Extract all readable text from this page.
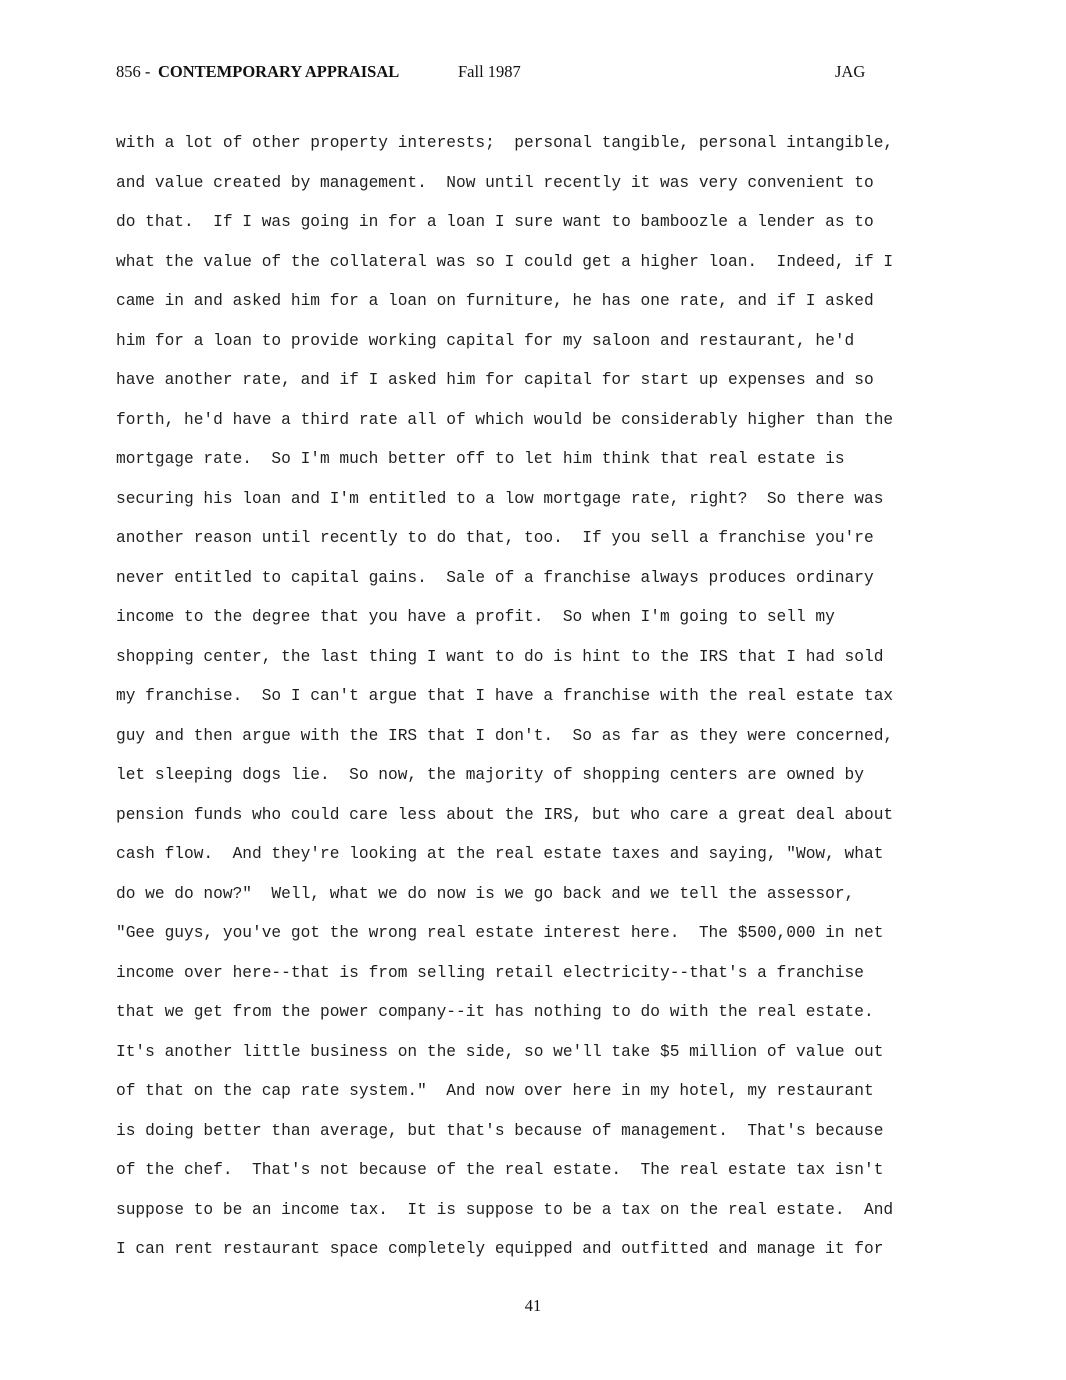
856 - CONTEMPORARY APPRAISAL	Fall 1987	JAG
with a lot of other property interests;  personal tangible, personal intangible,
and value created by management.  Now until recently it was very convenient to
do that.  If I was going in for a loan I sure want to bamboozle a lender as to
what the value of the collateral was so I could get a higher loan.  Indeed, if I
came in and asked him for a loan on furniture, he has one rate, and if I asked
him for a loan to provide working capital for my saloon and restaurant, he'd
have another rate, and if I asked him for capital for start up expenses and so
forth, he'd have a third rate all of which would be considerably higher than the
mortgage rate.  So I'm much better off to let him think that real estate is
securing his loan and I'm entitled to a low mortgage rate, right?  So there was
another reason until recently to do that, too.  If you sell a franchise you're
never entitled to capital gains.  Sale of a franchise always produces ordinary
income to the degree that you have a profit.  So when I'm going to sell my
shopping center, the last thing I want to do is hint to the IRS that I had sold
my franchise.  So I can't argue that I have a franchise with the real estate tax
guy and then argue with the IRS that I don't.  So as far as they were concerned,
let sleeping dogs lie.  So now, the majority of shopping centers are owned by
pension funds who could care less about the IRS, but who care a great deal about
cash flow.  And they're looking at the real estate taxes and saying, "Wow, what
do we do now?"  Well, what we do now is we go back and we tell the assessor,
"Gee guys, you've got the wrong real estate interest here.  The $500,000 in net
income over here--that is from selling retail electricity--that's a franchise
that we get from the power company--it has nothing to do with the real estate.
It's another little business on the side, so we'll take $5 million of value out
of that on the cap rate system."  And now over here in my hotel, my restaurant
is doing better than average, but that's because of management.  That's because
of the chef.  That's not because of the real estate.  The real estate tax isn't
suppose to be an income tax.  It is suppose to be a tax on the real estate.  And
I can rent restaurant space completely equipped and outfitted and manage it for
41
